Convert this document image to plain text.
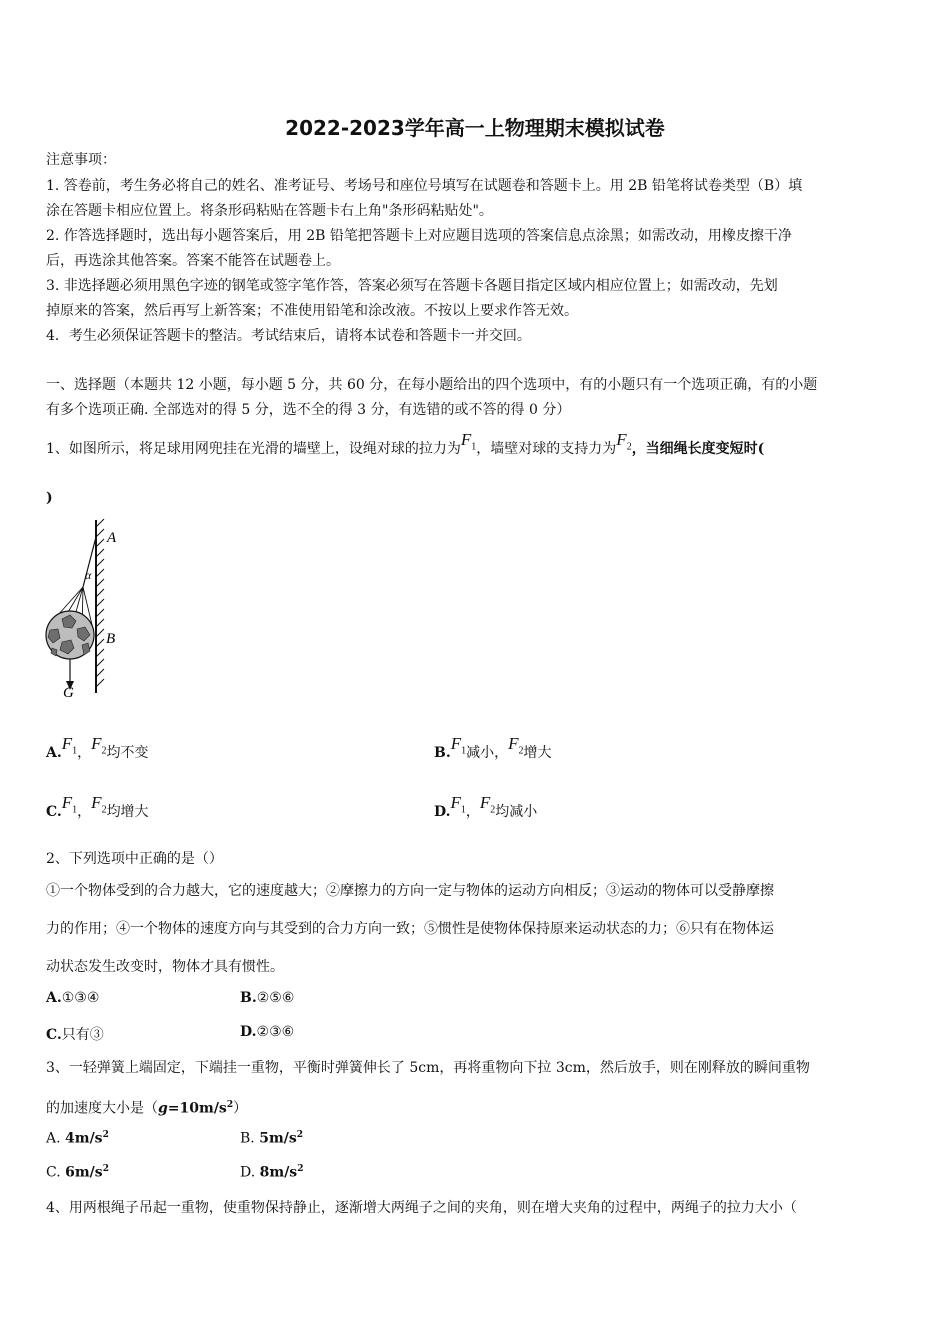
2022-2023学年高一上物理期末模拟试卷
注意事项：
1. 答卷前，考生务必将自己的姓名、准考证号、考场号和座位号填写在试题卷和答题卡上。用 2B 铅笔将试卷类型（B）填
涂在答题卡相应位置上。将条形码粘贴在答题卡右上角"条形码粘贴处"。
2. 作答选择题时，选出每小题答案后，用 2B 铅笔把答题卡上对应题目选项的答案信息点涂黑；如需改动，用橡皮擦干净
后，再选涂其他答案。答案不能答在试题卷上。
3. 非选择题必须用黑色字迹的钢笔或签字笔作答，答案必须写在答题卡各题目指定区域内相应位置上；如需改动，先划
掉原来的答案，然后再写上新答案；不准使用铅笔和涂改液。不按以上要求作答无效。
4．考生必须保证答题卡的整洁。考试结束后，请将本试卷和答题卡一并交回。
一、选择题（本题共 12 小题，每小题 5 分，共 60 分，在每小题给出的四个选项中，有的小题只有一个选项正确，有的小题
有多个选项正确. 全部选对的得 5 分，选不全的得 3 分，有选错的或不答的得 0 分）
1、如图所示，将足球用网兜挂在光滑的墙壁上，设绳对球的拉力为$F_1$，墙壁对球的支持力为$F_2$，当细绳长度变短时(
)
A
B
α
G
$A.F_1$，$F_2$均不变	$B.F_1$减小，$F_2$增大
$C.F_1$，$F_2$均增大	$D.F_1$，$F_2$均减小
2、下列选项中正确的是（）
①一个物体受到的合力越大，它的速度越大；②摩擦力的方向一定与物体的运动方向相反；③运动的物体可以受静摩擦
力的作用；④一个物体的速度方向与其受到的合力方向一致；⑤惯性是使物体保持原来运动状态的力；⑥只有在物体运
动状态发生改变时，物体才具有惯性。
A.①③④	B.②⑤⑥
C.只有③	D.②③⑥
3、一轻弹簧上端固定，下端挂一重物，平衡时弹簧伸长了 5cm，再将重物向下拉 3cm，然后放手，则在刚释放的瞬间重物
的加速度大小是$(g=10m/s^2)$
A. $4m/s^2$	B. $5m/s^2$
C. $6m/s^2$	D. $8m/s^2$
4、用两根绳子吊起一重物，使重物保持静止，逐渐增大两绳子之间的夹角，则在增大夹角的过程中，两绳子的拉力大小（
